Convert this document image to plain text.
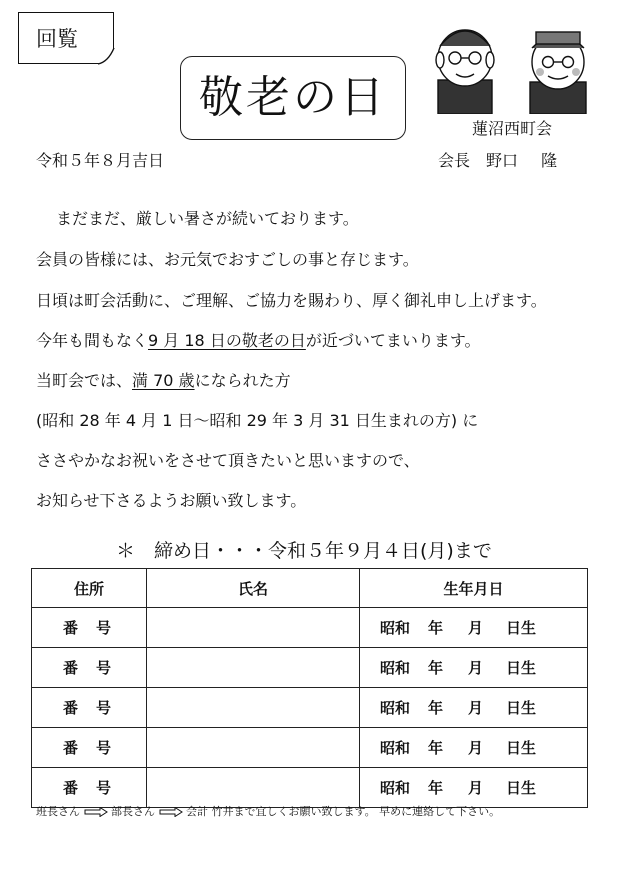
回覧
敬老の日
蓮沼西町会
令和５年８月吉日	会長　野口 隆
まだまだ、厳しい暑さが続いております。
会員の皆様には、お元気でおすごしの事と存じます。
日頃は町会活動に、ご理解、ご協力を賜わり、厚く御礼申し上げます。
今年も間もなく9 月 18 日の敬老の日が近づいてまいります。
当町会では、満 70 歳になられた方
(昭和 28 年 4 月 1 日～昭和 29 年 3 月 31 日生まれの方) に
ささやかなお祝いをさせて頂きたいと思いますので、
お知らせ下さるようお願い致します。
＊　締め日・・・令和５年９月４日(月)まで
住所	氏名	生年月日
番号		昭和 年 月 日生
番号		昭和 年 月 日生
番号		昭和 年 月 日生
番号		昭和 年 月 日生
番号		昭和 年 月 日生
班長さん	部長さん	会計 竹井まで宜しくお願い致します。 早めに連絡して下さい。
